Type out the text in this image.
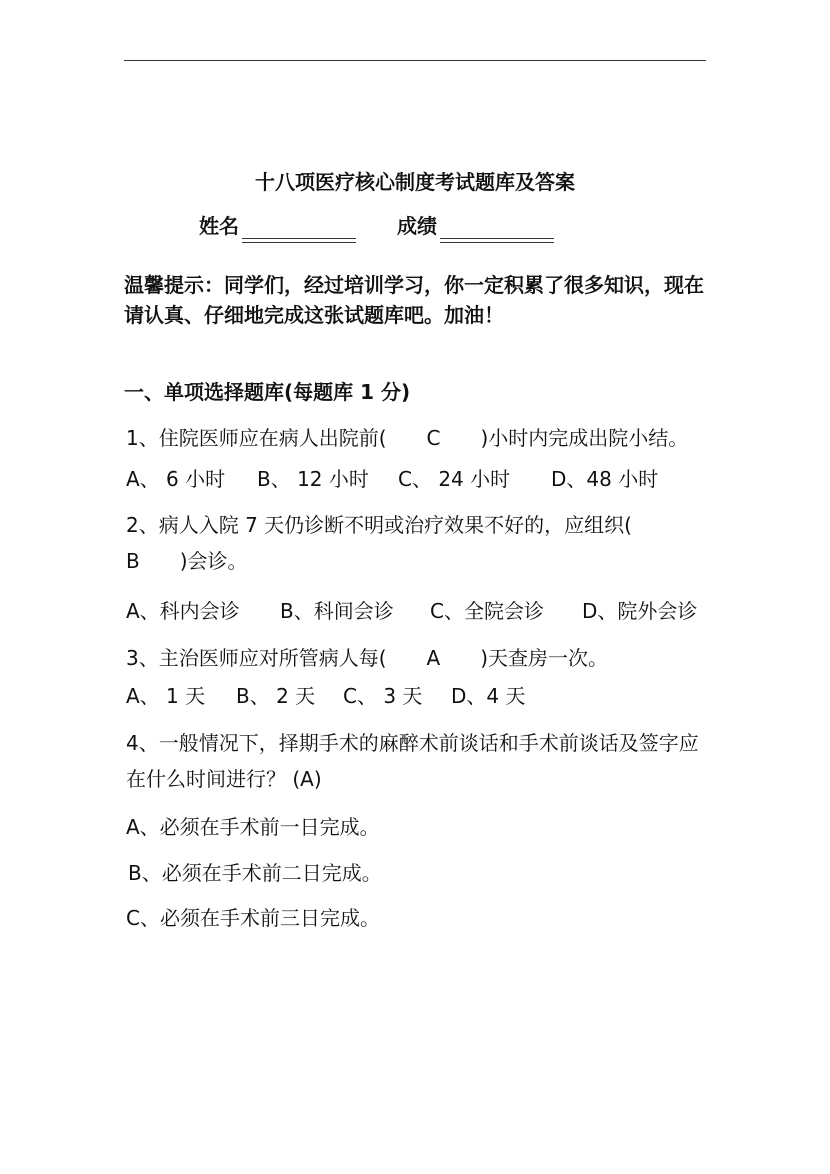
十八项医疗核心制度考试题库及答案
姓名	成绩
温馨提示：同学们，经过培训学习，你一定积累了很多知识，现在请认真、仔细地完成这张试题库吧。加油！
一、单项选择题库(每题库 1 分)
1、住院医师应在病人出院前(　　C　　)小时内完成出院小结。
A、 6 小时 B、 12 小时 C、 24 小时 D、48 小时
2、病人入院 7 天仍诊断不明或治疗效果不好的，应组织(　　B　　)会诊。
A、科内会诊 B、科间会诊 C、全院会诊 D、院外会诊
3、主治医师应对所管病人每(　　A　　)天查房一次。
A、 1 天 B、 2 天 C、 3 天 D、4 天
4、一般情况下，择期手术的麻醉术前谈话和手术前谈话及签字应在什么时间进行？ (A)
A、必须在手术前一日完成。
B、必须在手术前二日完成。
C、必须在手术前三日完成。
